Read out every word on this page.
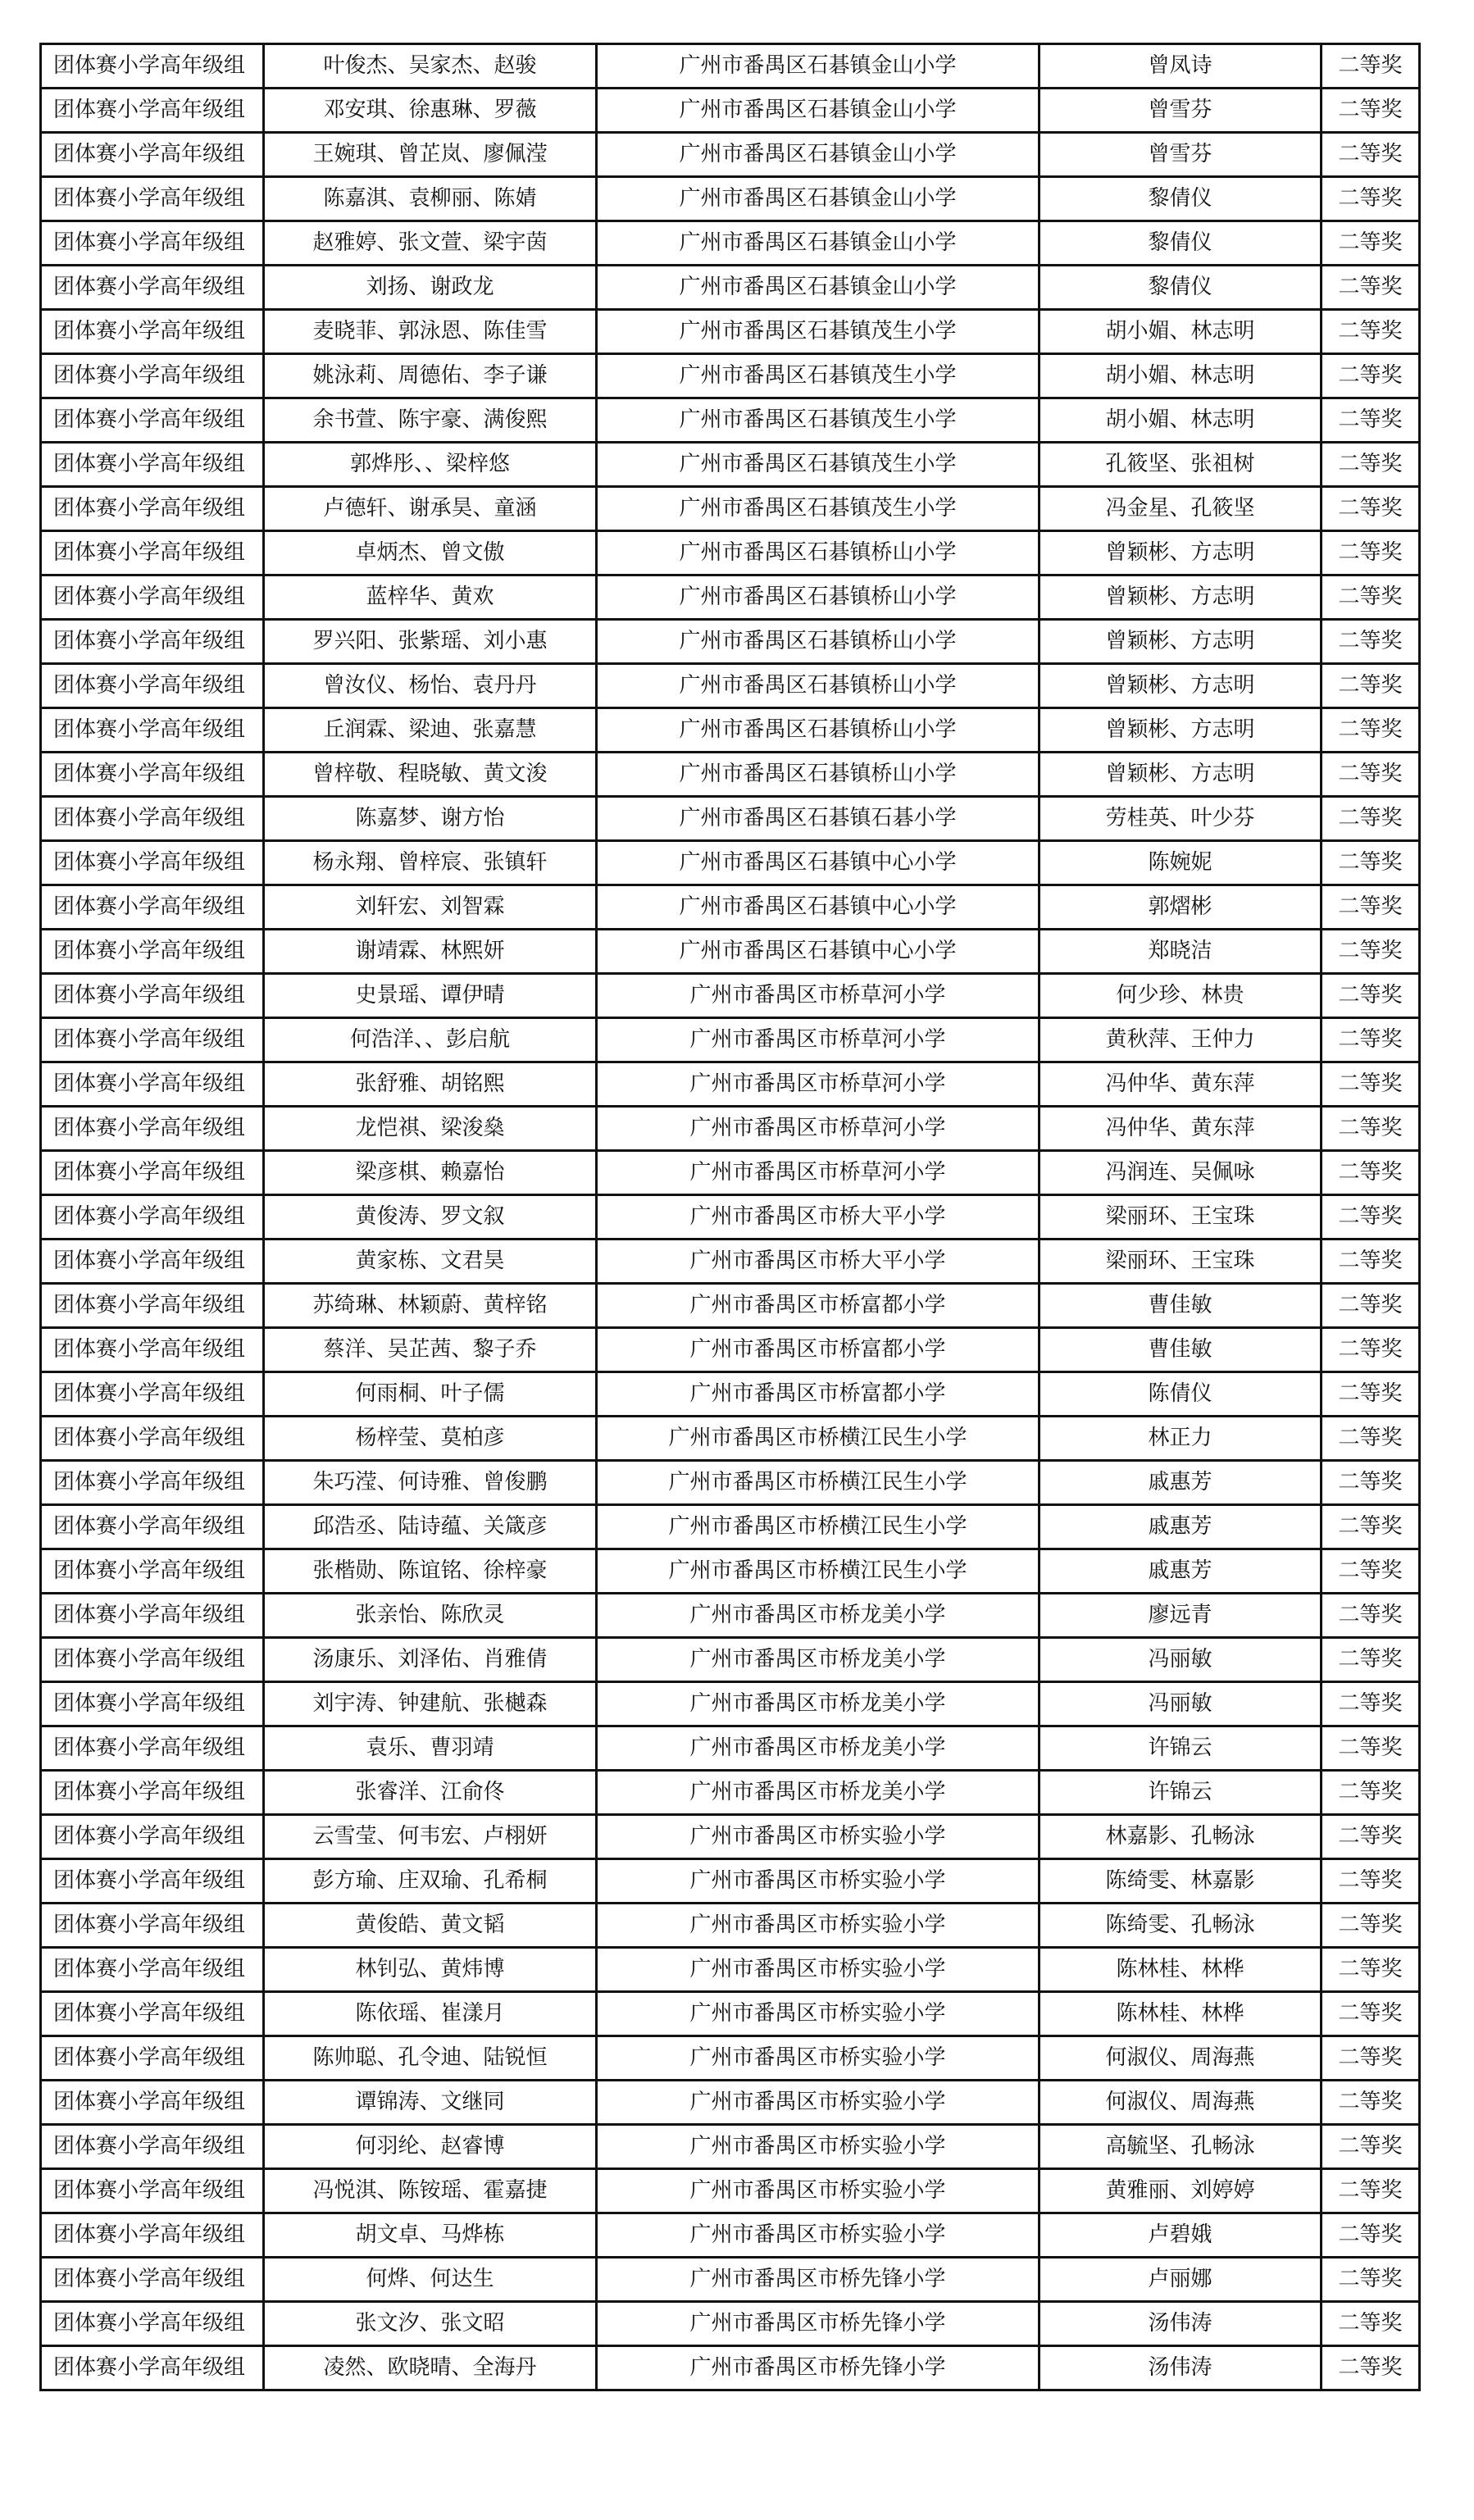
团体赛小学高年级组	叶俊杰、吴家杰、赵骏	广州市番禺区石碁镇金山小学	曾凤诗	二等奖
团体赛小学高年级组	邓安琪、徐惠琳、罗薇	广州市番禺区石碁镇金山小学	曾雪芬	二等奖
团体赛小学高年级组	王婉琪、曾芷岚、廖佩滢	广州市番禺区石碁镇金山小学	曾雪芬	二等奖
团体赛小学高年级组	陈嘉淇、袁柳丽、陈婧	广州市番禺区石碁镇金山小学	黎倩仪	二等奖
团体赛小学高年级组	赵雅婷、张文萱、梁宇茵	广州市番禺区石碁镇金山小学	黎倩仪	二等奖
团体赛小学高年级组	刘扬、谢政龙	广州市番禺区石碁镇金山小学	黎倩仪	二等奖
团体赛小学高年级组	麦晓菲、郭泳恩、陈佳雪	广州市番禺区石碁镇茂生小学	胡小媚、林志明	二等奖
团体赛小学高年级组	姚泳莉、周德佑、李子谦	广州市番禺区石碁镇茂生小学	胡小媚、林志明	二等奖
团体赛小学高年级组	余书萱、陈宇豪、满俊熙	广州市番禺区石碁镇茂生小学	胡小媚、林志明	二等奖
团体赛小学高年级组	郭烨彤、、梁梓悠	广州市番禺区石碁镇茂生小学	孔筱坚、张祖树	二等奖
团体赛小学高年级组	卢德轩、谢承昊、童涵	广州市番禺区石碁镇茂生小学	冯金星、孔筱坚	二等奖
团体赛小学高年级组	卓炳杰、曾文傲	广州市番禺区石碁镇桥山小学	曾颖彬、方志明	二等奖
团体赛小学高年级组	蓝梓华、黄欢	广州市番禺区石碁镇桥山小学	曾颖彬、方志明	二等奖
团体赛小学高年级组	罗兴阳、张紫瑶、刘小惠	广州市番禺区石碁镇桥山小学	曾颖彬、方志明	二等奖
团体赛小学高年级组	曾汝仪、杨怡、袁丹丹	广州市番禺区石碁镇桥山小学	曾颖彬、方志明	二等奖
团体赛小学高年级组	丘润霖、梁迪、张嘉慧	广州市番禺区石碁镇桥山小学	曾颖彬、方志明	二等奖
团体赛小学高年级组	曾梓敬、程晓敏、黄文浚	广州市番禺区石碁镇桥山小学	曾颖彬、方志明	二等奖
团体赛小学高年级组	陈嘉梦、谢方怡	广州市番禺区石碁镇石碁小学	劳桂英、叶少芬	二等奖
团体赛小学高年级组	杨永翔、曾梓宸、张镇轩	广州市番禺区石碁镇中心小学	陈婉妮	二等奖
团体赛小学高年级组	刘轩宏、刘智霖	广州市番禺区石碁镇中心小学	郭熠彬	二等奖
团体赛小学高年级组	谢靖霖、林熙妍	广州市番禺区石碁镇中心小学	郑晓洁	二等奖
团体赛小学高年级组	史景瑶、谭伊晴	广州市番禺区市桥草河小学	何少珍、林贵	二等奖
团体赛小学高年级组	何浩洋、、彭启航	广州市番禺区市桥草河小学	黄秋萍、王仲力	二等奖
团体赛小学高年级组	张舒雅、胡铭熙	广州市番禺区市桥草河小学	冯仲华、黄东萍	二等奖
团体赛小学高年级组	龙恺祺、梁浚燊	广州市番禺区市桥草河小学	冯仲华、黄东萍	二等奖
团体赛小学高年级组	梁彦棋、赖嘉怡	广州市番禺区市桥草河小学	冯润连、吴佩咏	二等奖
团体赛小学高年级组	黄俊涛、罗文叙	广州市番禺区市桥大平小学	梁丽环、王宝珠	二等奖
团体赛小学高年级组	黄家栋、文君昊	广州市番禺区市桥大平小学	梁丽环、王宝珠	二等奖
团体赛小学高年级组	苏绮琳、林颖蔚、黄梓铭	广州市番禺区市桥富都小学	曹佳敏	二等奖
团体赛小学高年级组	蔡洋、吴芷茜、黎子乔	广州市番禺区市桥富都小学	曹佳敏	二等奖
团体赛小学高年级组	何雨桐、叶子儒	广州市番禺区市桥富都小学	陈倩仪	二等奖
团体赛小学高年级组	杨梓莹、莫柏彦	广州市番禺区市桥横江民生小学	林正力	二等奖
团体赛小学高年级组	朱巧滢、何诗雅、曾俊鹏	广州市番禺区市桥横江民生小学	戚惠芳	二等奖
团体赛小学高年级组	邱浩丞、陆诗蕴、关箴彦	广州市番禺区市桥横江民生小学	戚惠芳	二等奖
团体赛小学高年级组	张楷勋、陈谊铭、徐梓豪	广州市番禺区市桥横江民生小学	戚惠芳	二等奖
团体赛小学高年级组	张亲怡、陈欣灵	广州市番禺区市桥龙美小学	廖远青	二等奖
团体赛小学高年级组	汤康乐、刘泽佑、肖雅倩	广州市番禺区市桥龙美小学	冯丽敏	二等奖
团体赛小学高年级组	刘宇涛、钟建航、张樾森	广州市番禺区市桥龙美小学	冯丽敏	二等奖
团体赛小学高年级组	袁乐、曹羽靖	广州市番禺区市桥龙美小学	许锦云	二等奖
团体赛小学高年级组	张睿洋、江俞佟	广州市番禺区市桥龙美小学	许锦云	二等奖
团体赛小学高年级组	云雪莹、何韦宏、卢栩妍	广州市番禺区市桥实验小学	林嘉影、孔畅泳	二等奖
团体赛小学高年级组	彭方瑜、庄双瑜、孔希桐	广州市番禺区市桥实验小学	陈绮雯、林嘉影	二等奖
团体赛小学高年级组	黄俊皓、黄文韬	广州市番禺区市桥实验小学	陈绮雯、孔畅泳	二等奖
团体赛小学高年级组	林钊弘、黄炜博	广州市番禺区市桥实验小学	陈林桂、林桦	二等奖
团体赛小学高年级组	陈依瑶、崔漾月	广州市番禺区市桥实验小学	陈林桂、林桦	二等奖
团体赛小学高年级组	陈帅聪、孔令迪、陆锐恒	广州市番禺区市桥实验小学	何淑仪、周海燕	二等奖
团体赛小学高年级组	谭锦涛、文继同	广州市番禺区市桥实验小学	何淑仪、周海燕	二等奖
团体赛小学高年级组	何羽纶、赵睿博	广州市番禺区市桥实验小学	高毓坚、孔畅泳	二等奖
团体赛小学高年级组	冯悦淇、陈铵瑶、霍嘉捷	广州市番禺区市桥实验小学	黄雅丽、刘婷婷	二等奖
团体赛小学高年级组	胡文卓、马烨栋	广州市番禺区市桥实验小学	卢碧娥	二等奖
团体赛小学高年级组	何烨、何达生	广州市番禺区市桥先锋小学	卢丽娜	二等奖
团体赛小学高年级组	张文汐、张文昭	广州市番禺区市桥先锋小学	汤伟涛	二等奖
团体赛小学高年级组	凌然、欧晓晴、全海丹	广州市番禺区市桥先锋小学	汤伟涛	二等奖
